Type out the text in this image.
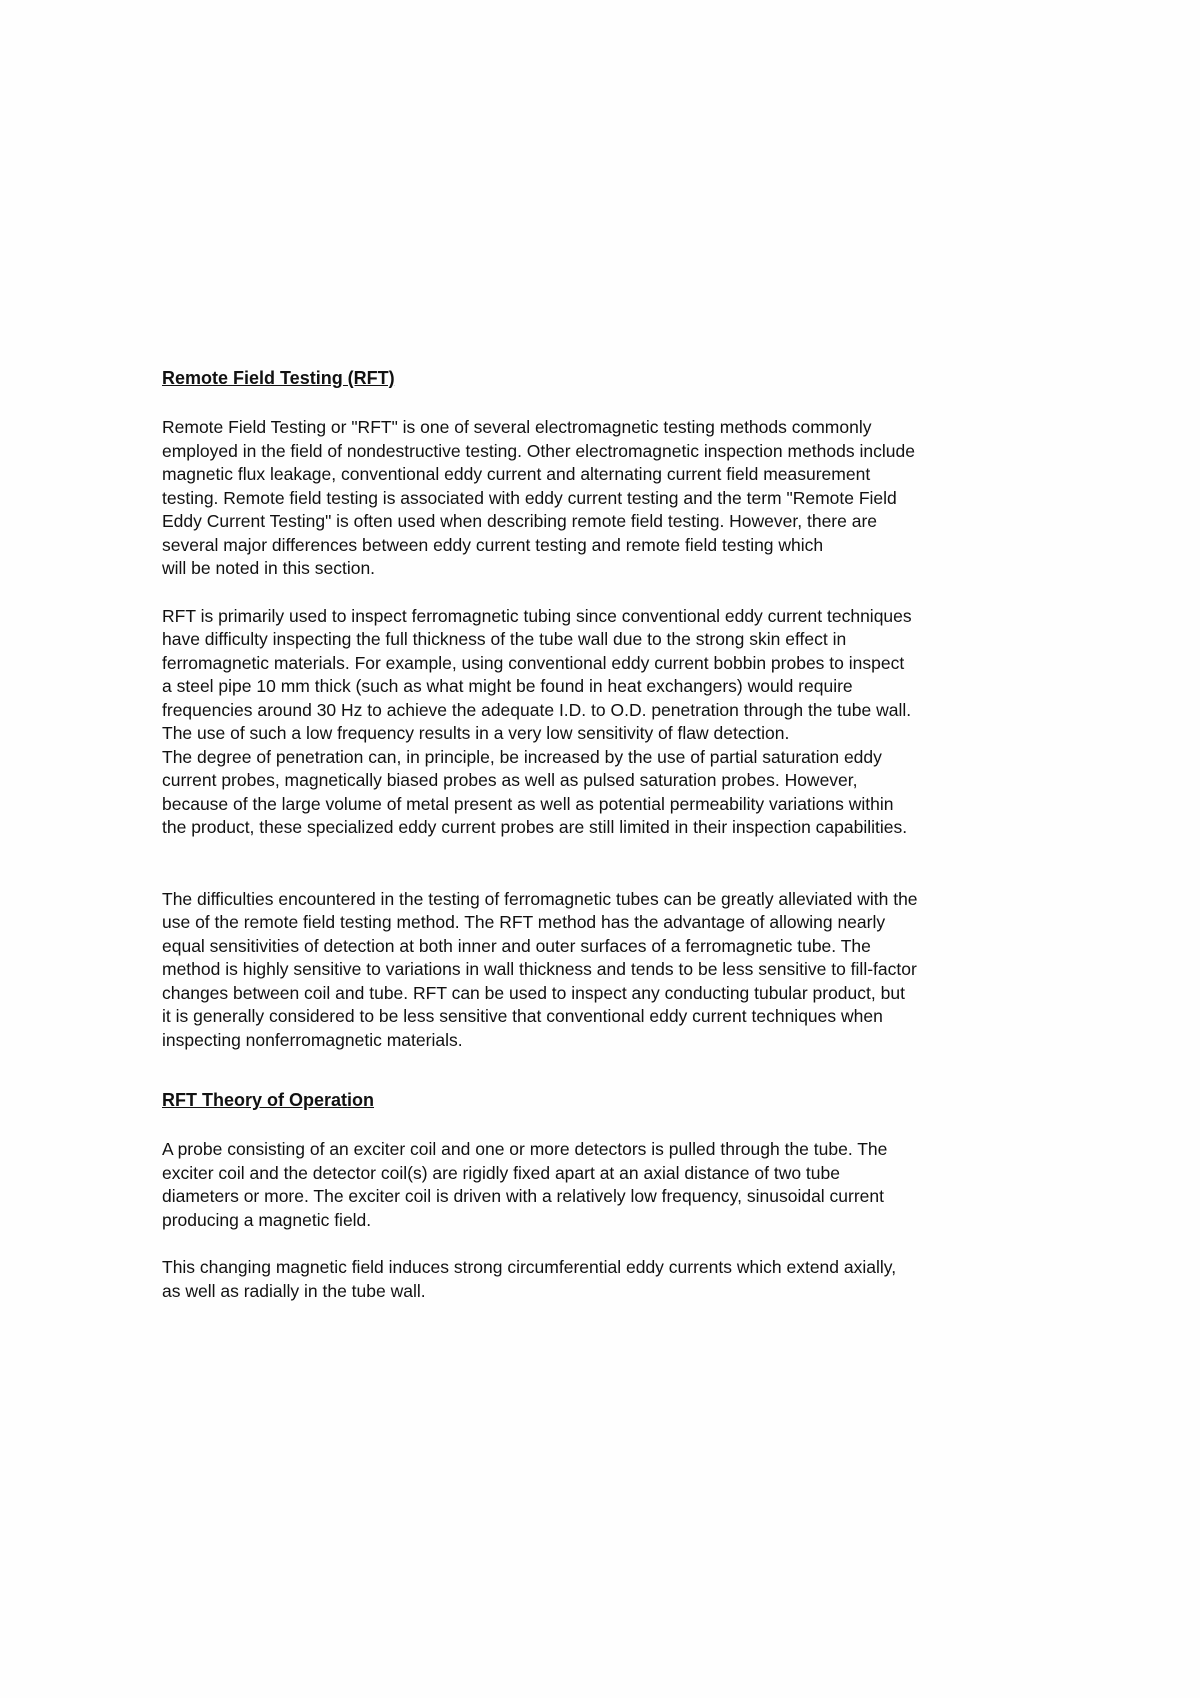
Remote Field Testing (RFT)

Remote Field Testing or "RFT" is one of several electromagnetic testing methods commonly
employed in the field of nondestructive testing. Other electromagnetic inspection methods include
magnetic flux leakage, conventional eddy current and alternating current field measurement
testing. Remote field testing is associated with eddy current testing and the term "Remote Field
Eddy Current Testing" is often used when describing remote field testing. However, there are
several major differences between eddy current testing and remote field testing which
will be noted in this section.

RFT is primarily used to inspect ferromagnetic tubing since conventional eddy current techniques
have difficulty inspecting the full thickness of the tube wall due to the strong skin effect in
ferromagnetic materials. For example, using conventional eddy current bobbin probes to inspect
a steel pipe 10 mm thick (such as what might be found in heat exchangers) would require
frequencies around 30 Hz to achieve the adequate I.D. to O.D. penetration through the tube wall.
The use of such a low frequency results in a very low sensitivity of flaw detection.
The degree of penetration can, in principle, be increased by the use of partial saturation eddy
current probes, magnetically biased probes as well as pulsed saturation probes. However,
because of the large volume of metal present as well as potential permeability variations within
the product, these specialized eddy current probes are still limited in their inspection capabilities.

The difficulties encountered in the testing of ferromagnetic tubes can be greatly alleviated with the
use of the remote field testing method. The RFT method has the advantage of allowing nearly
equal sensitivities of detection at both inner and outer surfaces of a ferromagnetic tube. The
method is highly sensitive to variations in wall thickness and tends to be less sensitive to fill-factor
changes between coil and tube. RFT can be used to inspect any conducting tubular product, but
it is generally considered to be less sensitive that conventional eddy current techniques when
inspecting nonferromagnetic materials.

RFT Theory of Operation

A probe consisting of an exciter coil and one or more detectors is pulled through the tube. The
exciter coil and the detector coil(s) are rigidly fixed apart at an axial distance of two tube
diameters or more. The exciter coil is driven with a relatively low frequency, sinusoidal current
producing a magnetic field.

This changing magnetic field induces strong circumferential eddy currents which extend axially,
as well as radially in the tube wall.
